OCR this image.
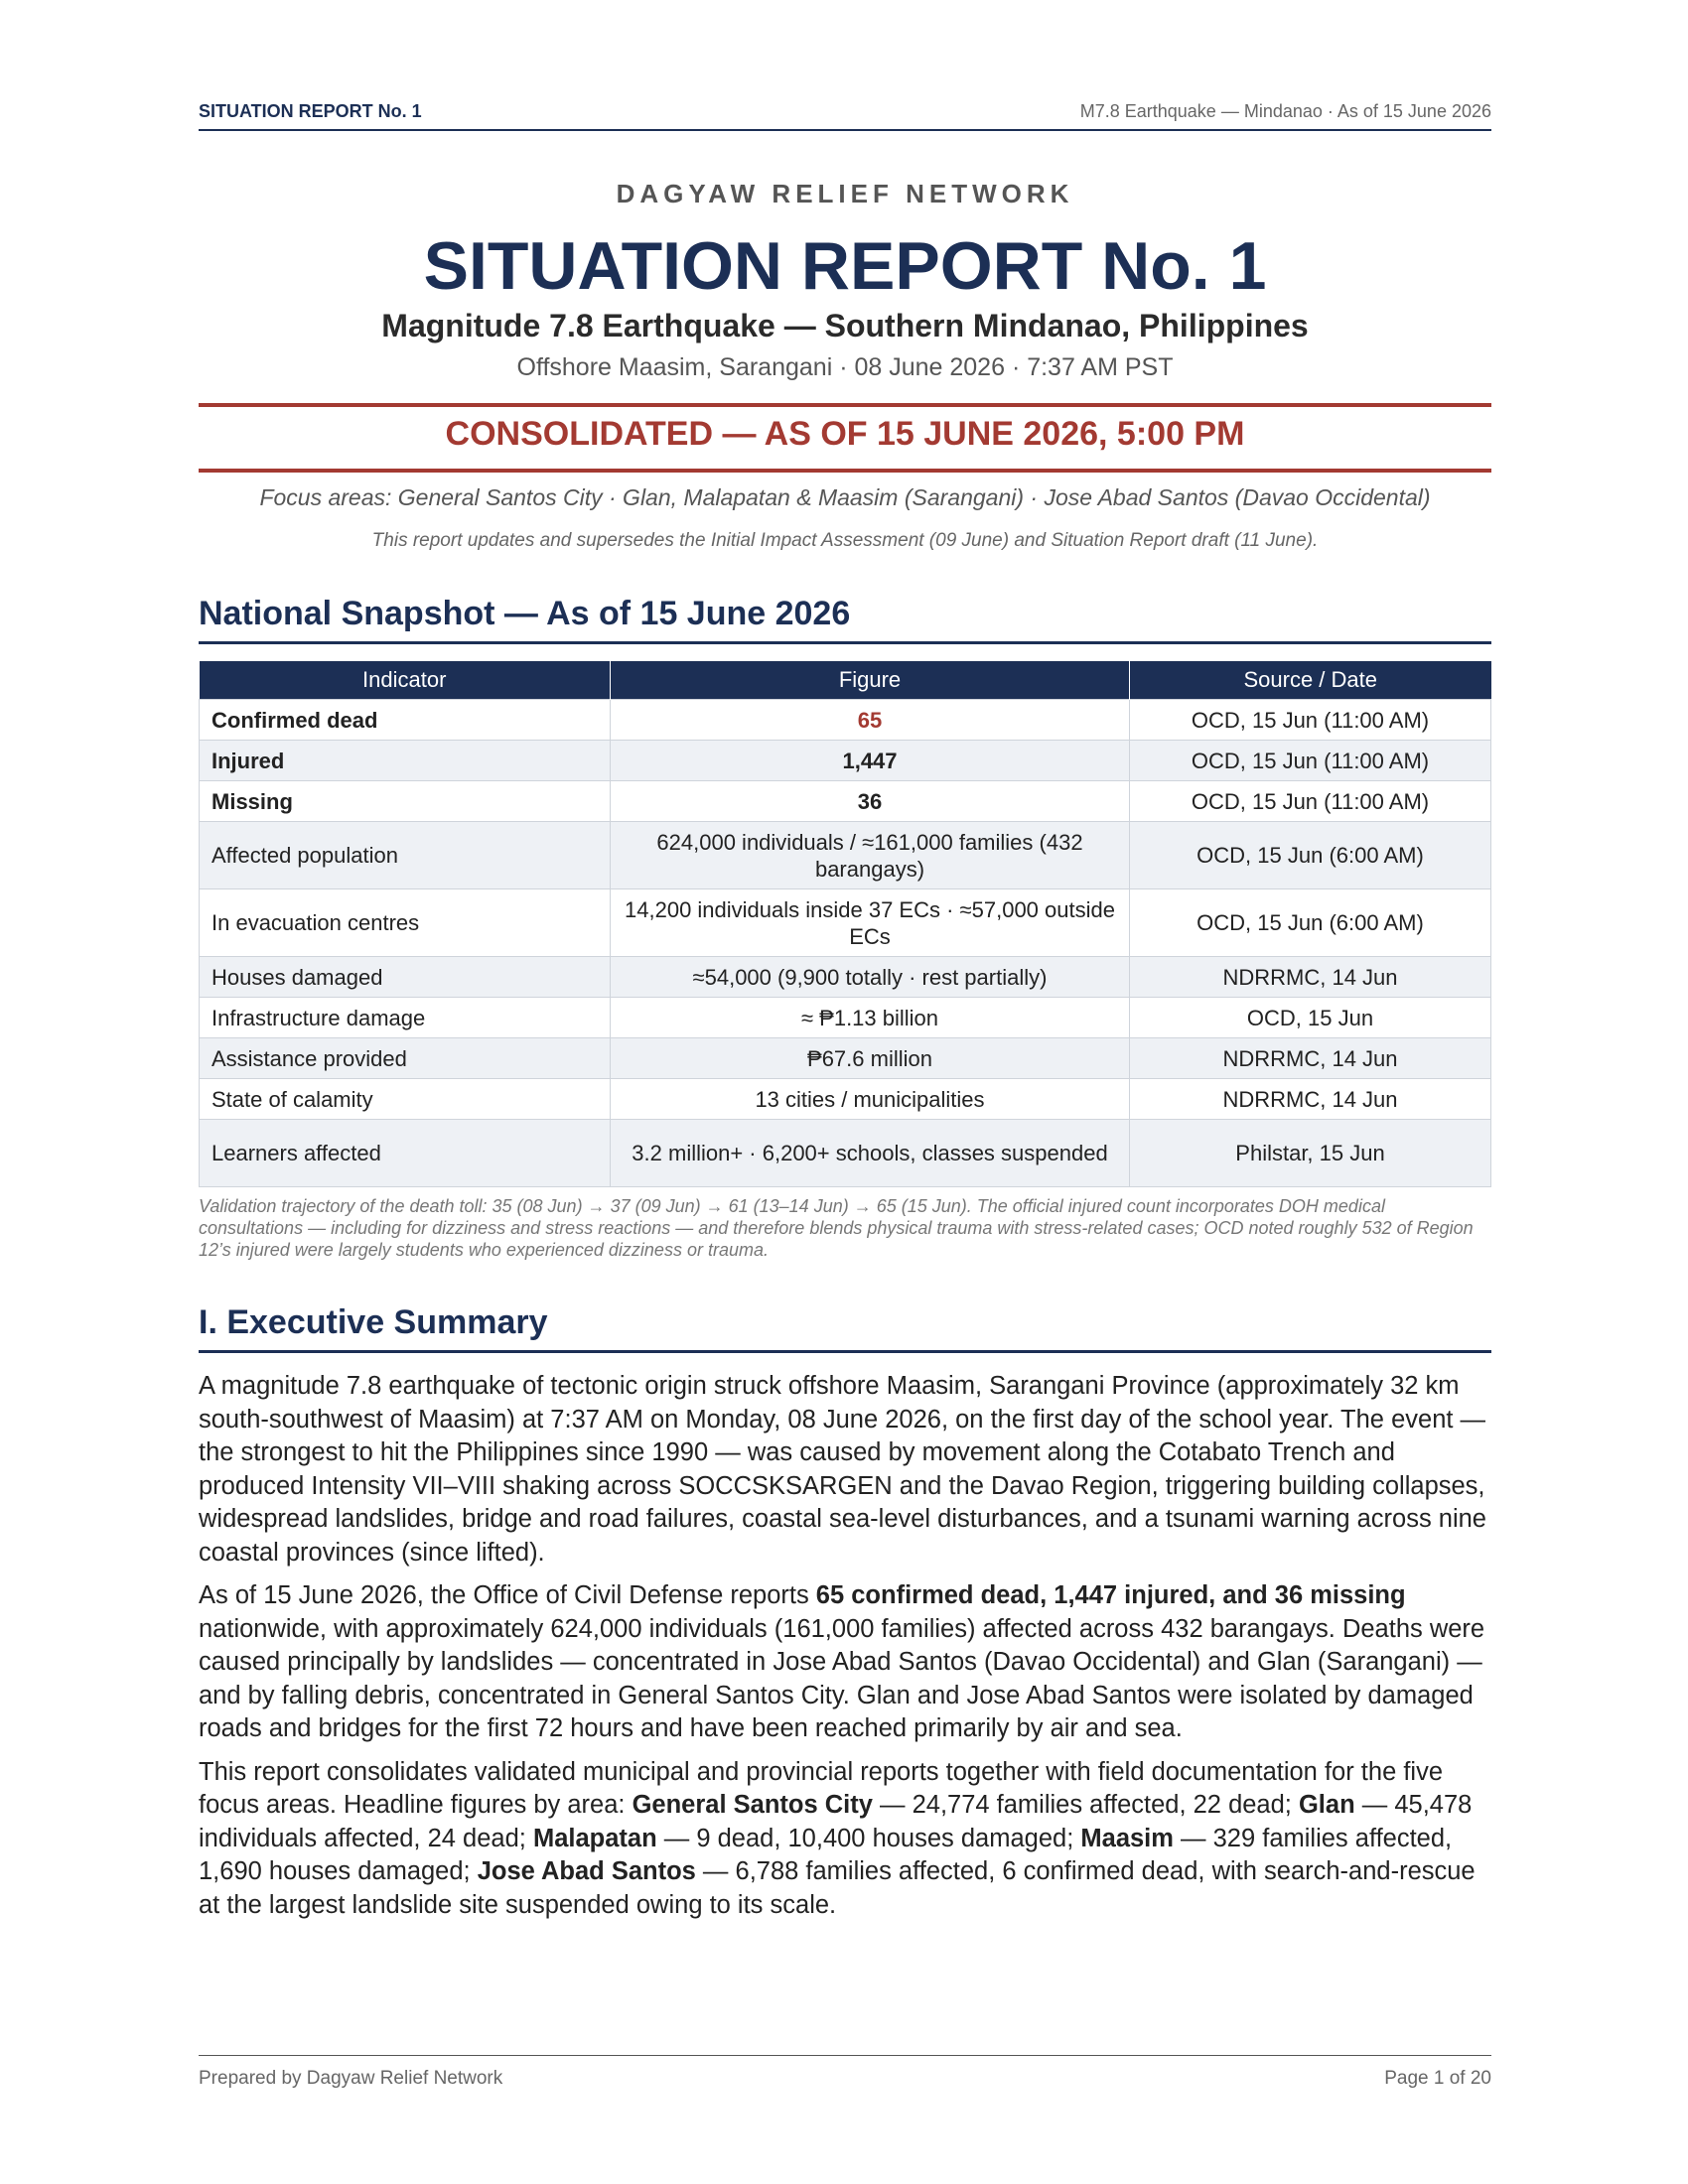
SITUATION REPORT No. 1	M7.8 Earthquake — Mindanao · As of 15 June 2026
DAGYAW RELIEF NETWORK
SITUATION REPORT No. 1
Magnitude 7.8 Earthquake — Southern Mindanao, Philippines
Offshore Maasim, Sarangani · 08 June 2026 · 7:37 AM PST
CONSOLIDATED — AS OF 15 JUNE 2026, 5:00 PM
Focus areas: General Santos City · Glan, Malapatan & Maasim (Sarangani) · Jose Abad Santos (Davao Occidental)
This report updates and supersedes the Initial Impact Assessment (09 June) and Situation Report draft (11 June).
National Snapshot — As of 15 June 2026
Indicator	Figure	Source / Date
Confirmed dead	65	OCD, 15 Jun (11:00 AM)
Injured	1,447	OCD, 15 Jun (11:00 AM)
Missing	36	OCD, 15 Jun (11:00 AM)
Affected population	624,000 individuals / ≈161,000 families (432 barangays)	OCD, 15 Jun (6:00 AM)
In evacuation centres	14,200 individuals inside 37 ECs · ≈57,000 outside ECs	OCD, 15 Jun (6:00 AM)
Houses damaged	≈54,000 (9,900 totally · rest partially)	NDRRMC, 14 Jun
Infrastructure damage	≈ ₱1.13 billion	OCD, 15 Jun
Assistance provided	₱67.6 million	NDRRMC, 14 Jun
State of calamity	13 cities / municipalities	NDRRMC, 14 Jun
Learners affected	3.2 million+ · 6,200+ schools, classes suspended	Philstar, 15 Jun
Validation trajectory of the death toll: 35 (08 Jun) → 37 (09 Jun) → 61 (13–14 Jun) → 65 (15 Jun). The official injured count incorporates DOH medical consultations — including for dizziness and stress reactions — and therefore blends physical trauma with stress-related cases; OCD noted roughly 532 of Region 12’s injured were largely students who experienced dizziness or trauma.
I. Executive Summary

A magnitude 7.8 earthquake of tectonic origin struck offshore Maasim, Sarangani Province (approximately 32 km south-southwest of Maasim) at 7:37 AM on Monday, 08 June 2026, on the first day of the school year. The event — the strongest to hit the Philippines since 1990 — was caused by movement along the Cotabato Trench and produced Intensity VII–VIII shaking across SOCCSKSARGEN and the Davao Region, triggering building collapses, widespread landslides, bridge and road failures, coastal sea-level disturbances, and a tsunami warning across nine coastal provinces (since lifted).

As of 15 June 2026, the Office of Civil Defense reports 65 confirmed dead, 1,447 injured, and 36 missing nationwide, with approximately 624,000 individuals (161,000 families) affected across 432 barangays. Deaths were caused principally by landslides — concentrated in Jose Abad Santos (Davao Occidental) and Glan (Sarangani) — and by falling debris, concentrated in General Santos City. Glan and Jose Abad Santos were isolated by damaged roads and bridges for the first 72 hours and have been reached primarily by air and sea.

This report consolidates validated municipal and provincial reports together with field documentation for the five focus areas. Headline figures by area: General Santos City — 24,774 families affected, 22 dead; Glan — 45,478 individuals affected, 24 dead; Malapatan — 9 dead, 10,400 houses damaged; Maasim — 329 families affected, 1,690 houses damaged; Jose Abad Santos — 6,788 families affected, 6 confirmed dead, with search-and-rescue at the largest landslide site suspended owing to its scale.

Prepared by Dagyaw Relief Network	Page 1 of 20
